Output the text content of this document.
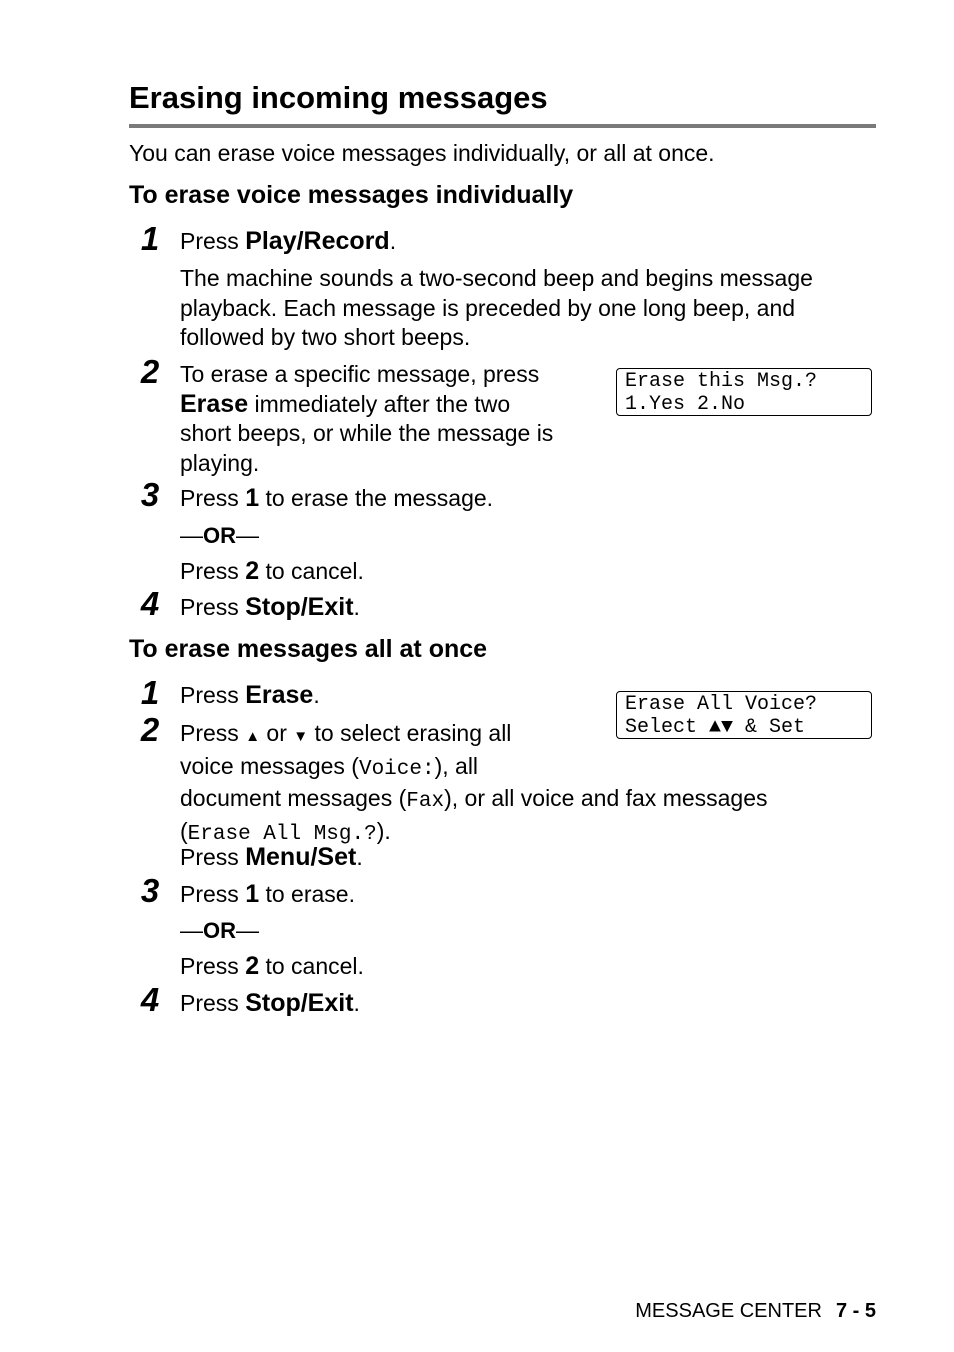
Erasing incoming messages
You can erase voice messages individually, or all at once.
To erase voice messages individually
1 Press Play/Record.
The machine sounds a two-second beep and begins message
playback. Each message is preceded by one long beep, and
followed by two short beeps.
2 To erase a specific message, press
Erase immediately after the two
short beeps, or while the message is
playing.
Erase this Msg.?
1.Yes 2.No
3 Press 1 to erase the message.
—OR—
Press 2 to cancel.
4 Press Stop/Exit.
To erase messages all at once
1 Press Erase.	Erase All Voice?
Select ▲▼ & Set
2 Press ▲ or ▼ to select erasing all
voice messages (Voice:), all
document messages (Fax), or all voice and fax messages
(Erase All Msg.?).
Press Menu/Set.
3 Press 1 to erase.
—OR—
Press 2 to cancel.
4 Press Stop/Exit.
MESSAGE CENTER 7 - 5
